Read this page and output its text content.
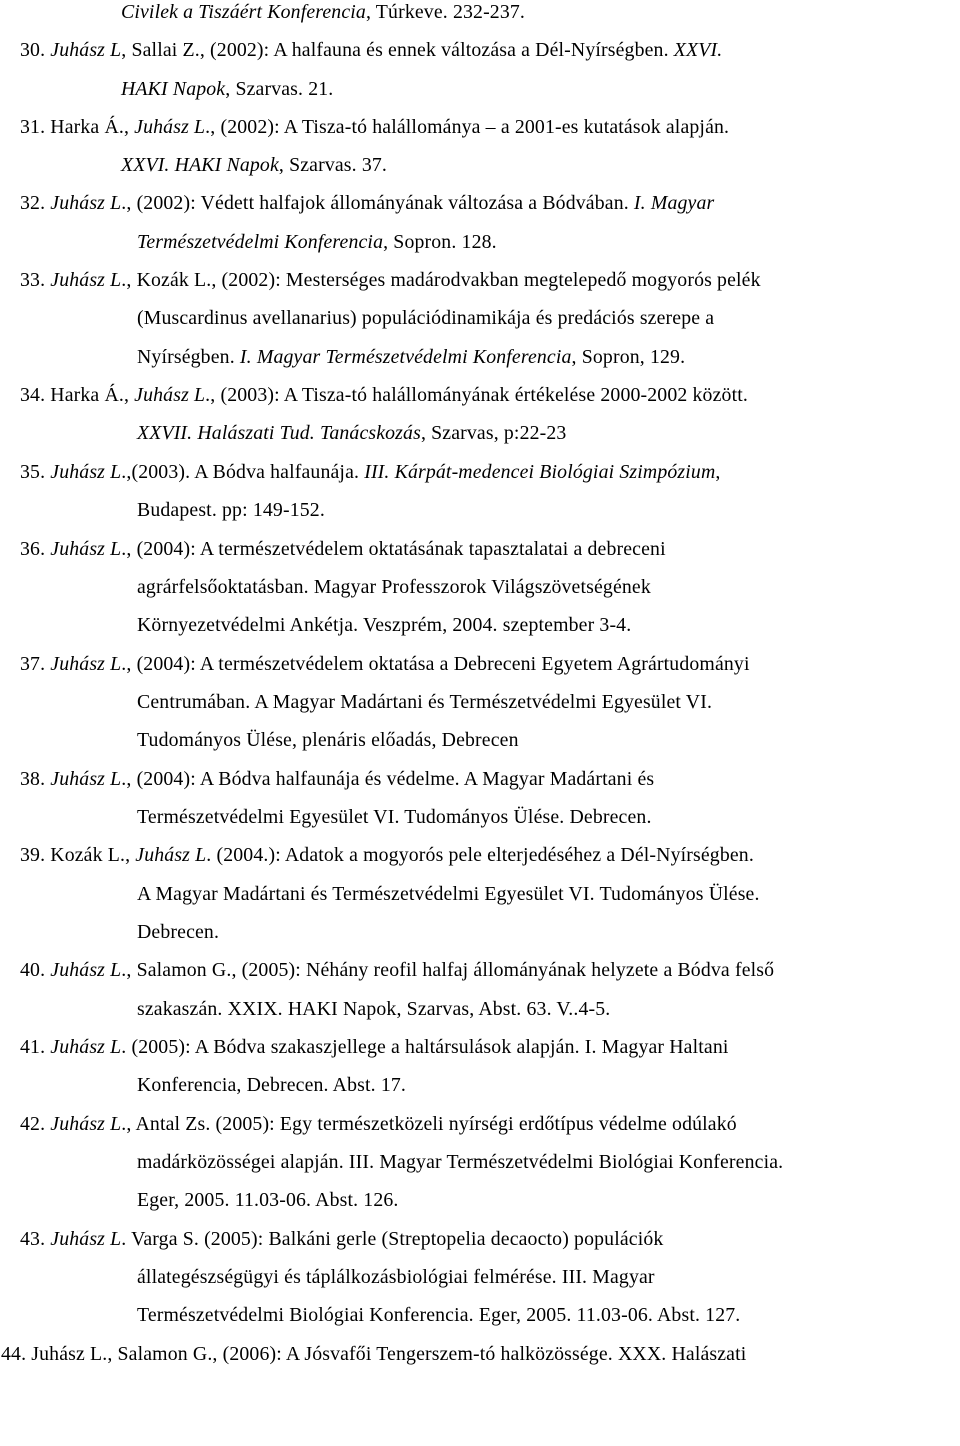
Civilek a Tiszáért Konferencia, Túrkeve. 232-237.
30. Juhász L, Sallai Z., (2002): A halfauna és ennek változása a Dél-Nyírségben. XXVI.
HAKI Napok, Szarvas. 21.
31. Harka Á., Juhász L., (2002): A Tisza-tó halállománya – a 2001-es kutatások alapján.
XXVI. HAKI Napok, Szarvas. 37.
32. Juhász L., (2002): Védett halfajok állományának változása a Bódvában. I. Magyar
Természetvédelmi Konferencia, Sopron. 128.
33. Juhász L., Kozák L., (2002): Mesterséges madárodvakban megtelepedő mogyorós pelék
(Muscardinus avellanarius) populációdinamikája és predációs szerepe a
Nyírségben. I. Magyar Természetvédelmi Konferencia, Sopron, 129.
34. Harka Á., Juhász L., (2003): A Tisza-tó halállományának értékelése 2000-2002 között.
XXVII. Halászati Tud. Tanácskozás, Szarvas, p:22-23
35. Juhász L.,(2003). A Bódva halfaunája. III. Kárpát-medencei Biológiai Szimpózium,
Budapest. pp: 149-152.
36. Juhász L., (2004): A természetvédelem oktatásának tapasztalatai a debreceni
agrárfelsőoktatásban. Magyar Professzorok Világszövetségének
Környezetvédelmi Ankétja. Veszprém, 2004. szeptember 3-4.
37. Juhász L., (2004): A természetvédelem oktatása a Debreceni Egyetem Agrártudományi
Centrumában. A Magyar Madártani és Természetvédelmi Egyesület VI.
Tudományos Ülése, plenáris előadás, Debrecen
38. Juhász L., (2004): A Bódva halfaunája és védelme. A Magyar Madártani és
Természetvédelmi Egyesület VI. Tudományos Ülése. Debrecen.
39. Kozák L., Juhász L. (2004.): Adatok a mogyorós pele elterjedéséhez a Dél-Nyírségben.
A Magyar Madártani és Természetvédelmi Egyesület VI. Tudományos Ülése.
Debrecen.
40. Juhász L., Salamon G., (2005): Néhány reofil halfaj állományának helyzete a Bódva felső
szakaszán. XXIX. HAKI Napok, Szarvas, Abst. 63. V..4-5.
41. Juhász L. (2005): A Bódva szakaszjellege a haltársulások alapján. I. Magyar Haltani
Konferencia, Debrecen. Abst. 17.
42. Juhász L., Antal Zs. (2005): Egy természetközeli nyírségi erdőtípus védelme odúlakó
madárközösségei alapján. III. Magyar Természetvédelmi Biológiai Konferencia.
Eger, 2005. 11.03-06. Abst. 126.
43. Juhász L. Varga S. (2005): Balkáni gerle (Streptopelia decaocto) populációk
állategészségügyi és táplálkozásbiológiai felmérése. III. Magyar
Természetvédelmi Biológiai Konferencia. Eger, 2005. 11.03-06. Abst. 127.
44. Juhász L., Salamon G., (2006): A Jósvafői Tengerszem-tó halközössége. XXX. Halászati
